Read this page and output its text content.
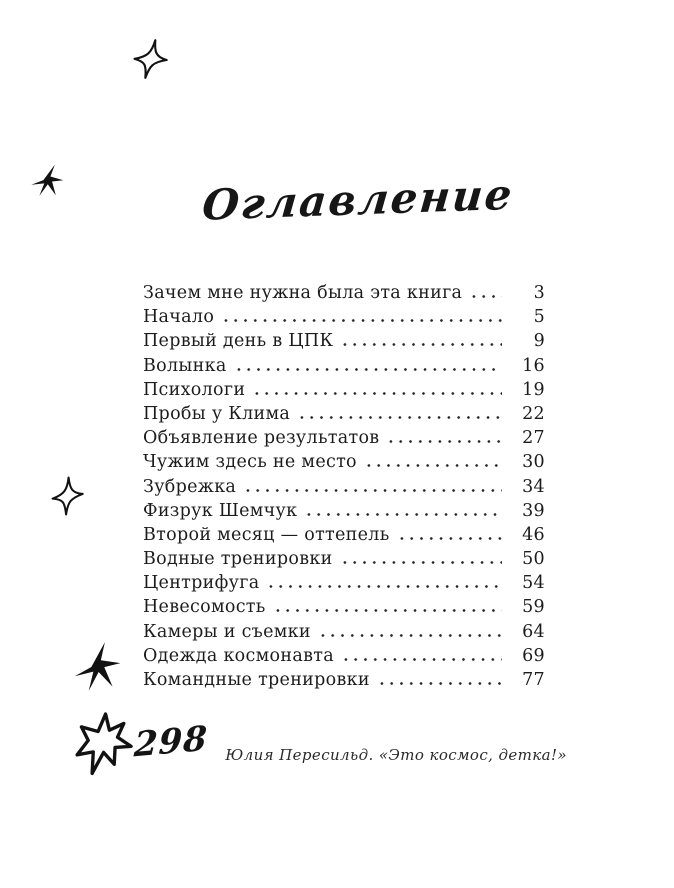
Оглавление
Зачем мне нужна была эта книга	3
Начало	5
Первый день в ЦПК	9
Волынка	16
Психологи	19
Пробы у Клима	22
Объявление результатов	27
Чужим здесь не место	30
Зубрежка	34
Физрук Шемчук	39
Второй месяц — оттепель	46
Водные тренировки	50
Центрифуга	54
Невесомость	59
Камеры и съемки	64
Одежда космонавта	69
Командные тренировки	77
298 Юлия Пересильд. «Это космос, детка!»
